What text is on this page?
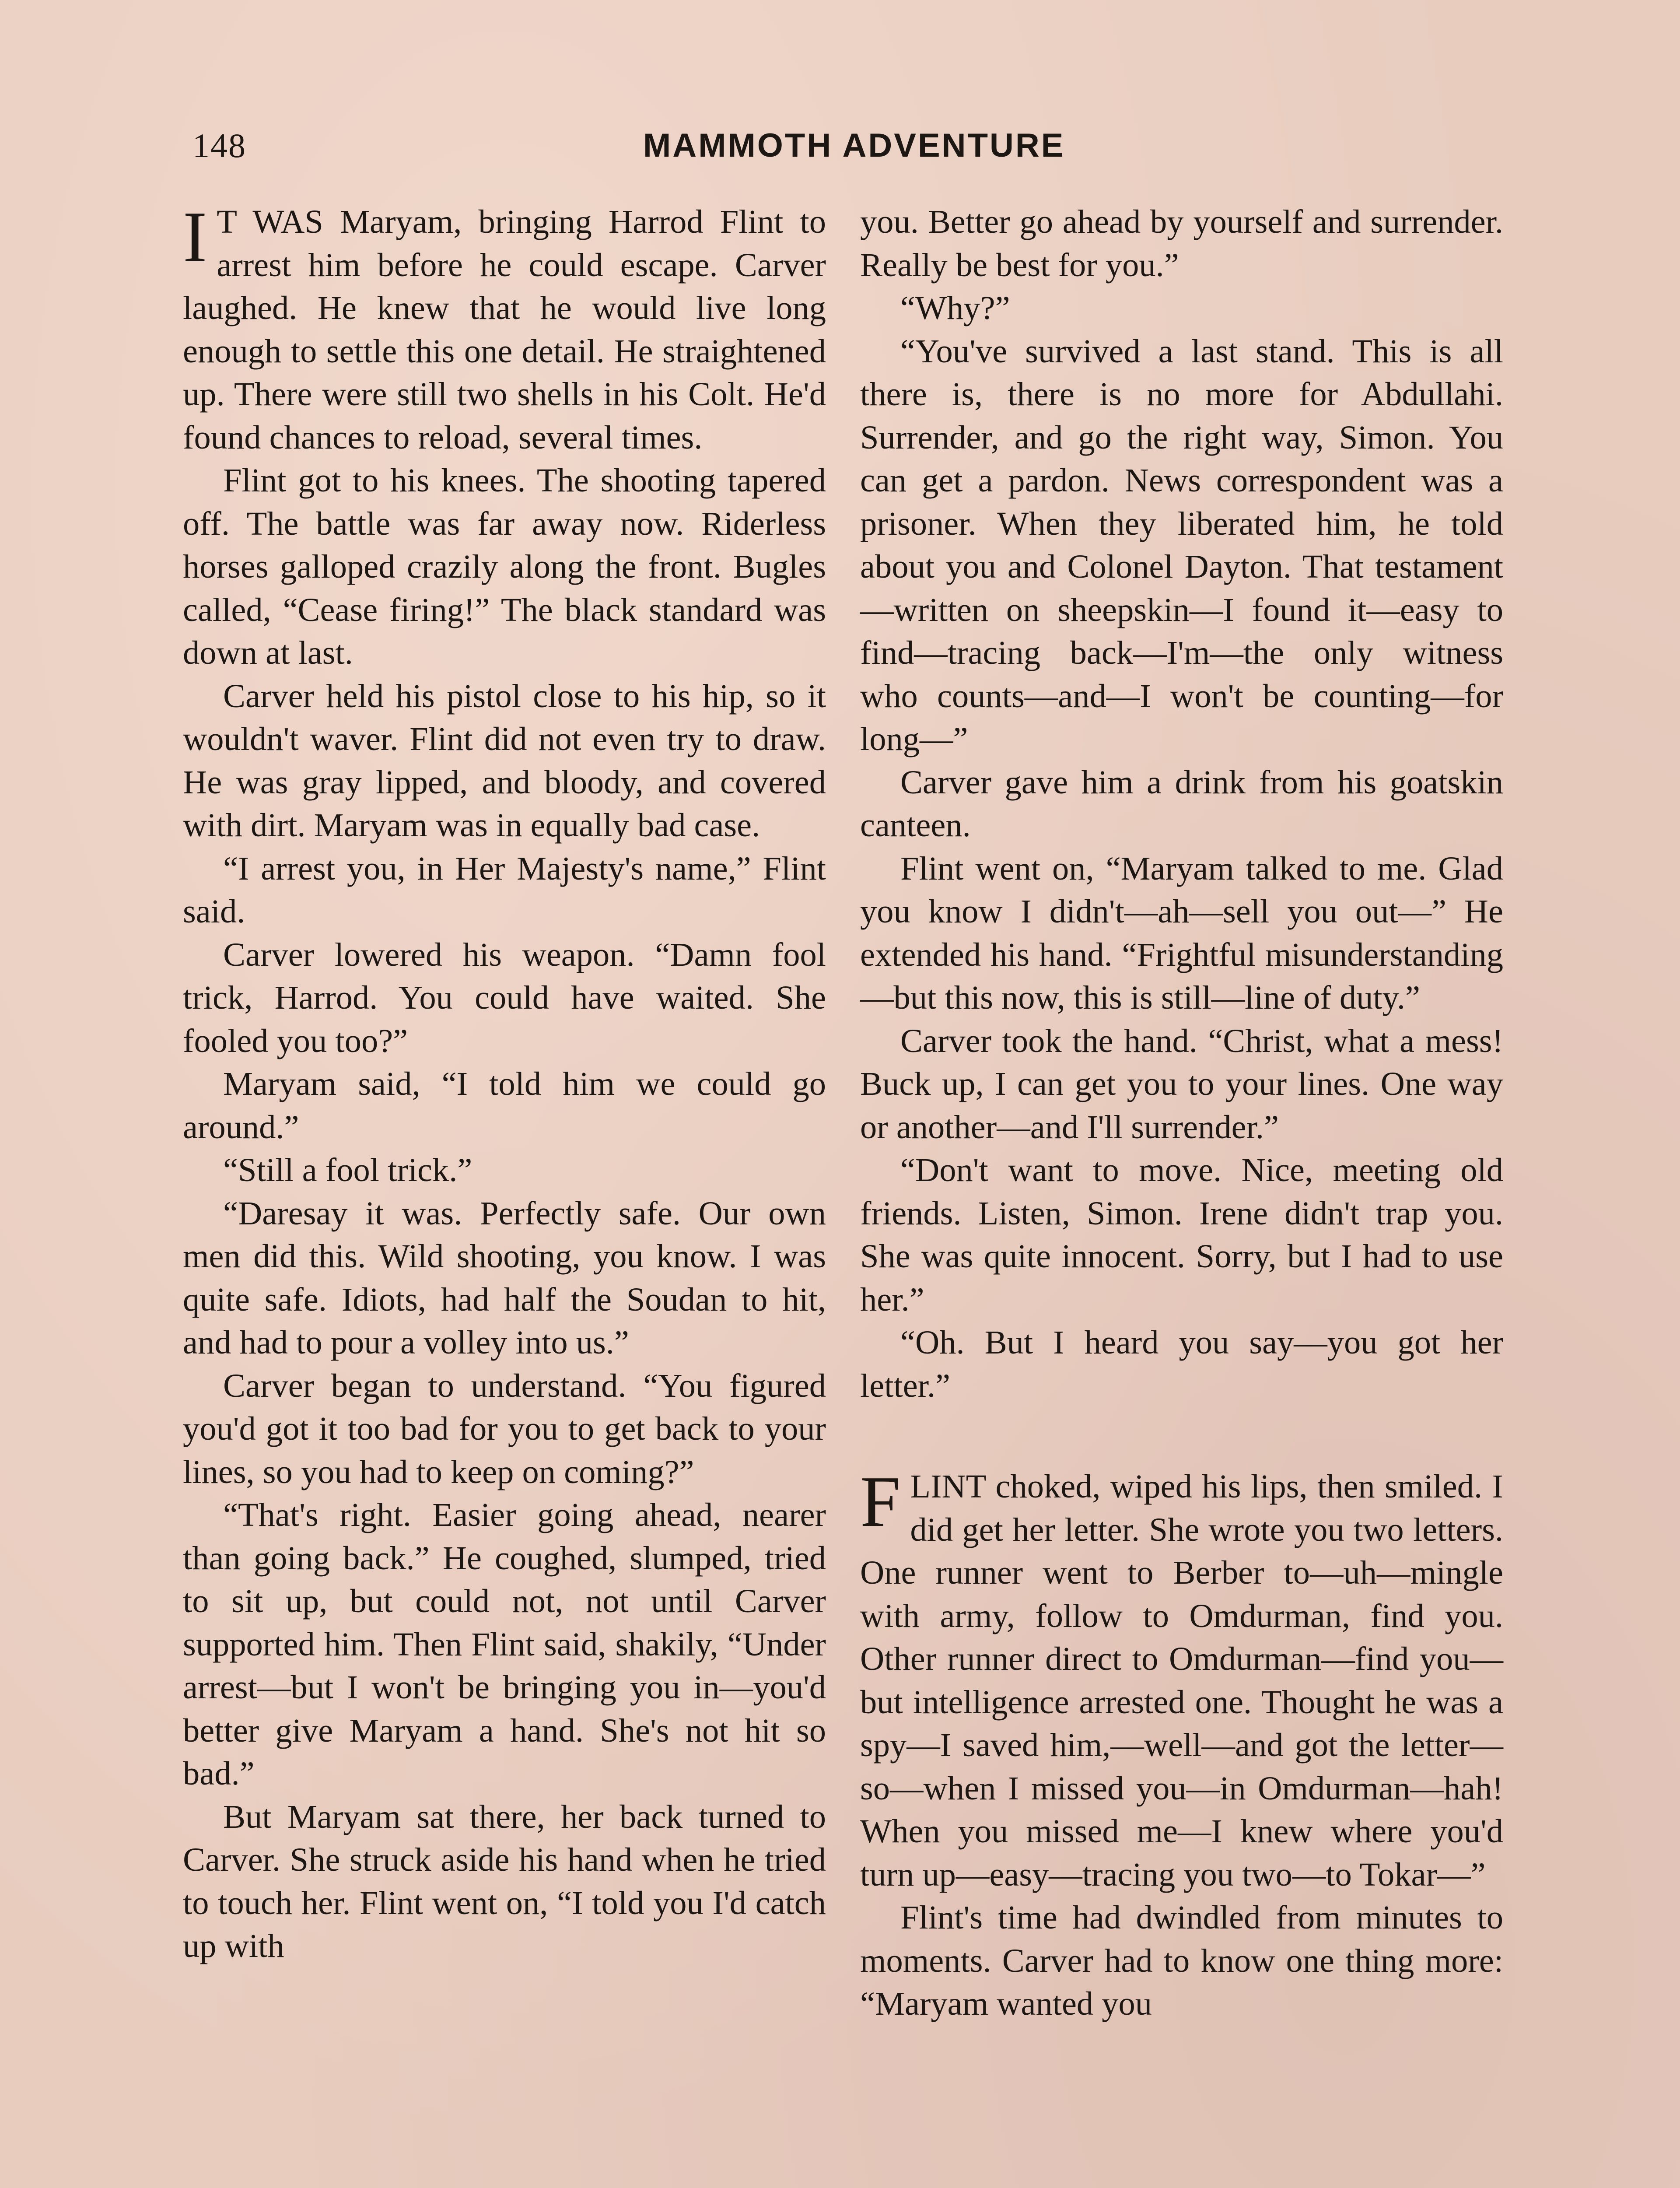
148	MAMMOTH ADVENTURE

I T WAS Maryam, bringing Harrod Flint to arrest him before he could escape. Carver laughed. He knew that he would live long enough to settle this one detail. He straightened up. There were still two shells in his Colt. He'd found chances to reload, several times.

Flint got to his knees. The shooting tapered off. The battle was far away now. Riderless horses galloped crazily along the front. Bugles called, “Cease firing!” The black standard was down at last.

Carver held his pistol close to his hip, so it wouldn't waver. Flint did not even try to draw. He was gray lipped, and bloody, and covered with dirt. Maryam was in equally bad case.

“I arrest you, in Her Majesty's name,” Flint said.

Carver lowered his weapon. “Damn fool trick, Harrod. You could have waited. She fooled you too?”

Maryam said, “I told him we could go around.”

“Still a fool trick.”

“Daresay it was. Perfectly safe. Our own men did this. Wild shooting, you know. I was quite safe. Idiots, had half the Soudan to hit, and had to pour a volley into us.”

Carver began to understand. “You figured you'd got it too bad for you to get back to your lines, so you had to keep on coming?”

“That's right. Easier going ahead, nearer than going back.” He coughed, slumped, tried to sit up, but could not, not until Carver supported him. Then Flint said, shakily, “Under arrest—but I won't be bringing you in—you'd better give Maryam a hand. She's not hit so bad.”

But Maryam sat there, her back turned to Carver. She struck aside his hand when he tried to touch her. Flint went on, “I told you I'd catch up with

you. Better go ahead by yourself and surrender. Really be best for you.”

“Why?”

“You've survived a last stand. This is all there is, there is no more for Abdullahi. Surrender, and go the right way, Simon. You can get a pardon. News correspondent was a prisoner. When they liberated him, he told about you and Colonel Dayton. That testament—written on sheepskin—I found it—easy to find—tracing back—I'm—the only witness who counts—and—I won't be counting—for long—”

Carver gave him a drink from his goatskin canteen.

Flint went on, “Maryam talked to me. Glad you know I didn't—ah—sell you out—” He extended his hand. “Frightful misunderstanding—but this now, this is still—line of duty.”

Carver took the hand. “Christ, what a mess! Buck up, I can get you to your lines. One way or another—and I'll surrender.”

“Don't want to move. Nice, meeting old friends. Listen, Simon. Irene didn't trap you. She was quite innocent. Sorry, but I had to use her.”

“Oh. But I heard you say—you got her letter.”

FLINT choked, wiped his lips, then smiled. I did get her letter. She wrote you two letters. One runner went to Berber to—uh—mingle with army, follow to Omdurman, find you. Other runner direct to Omdurman—find you—but intelligence arrested one. Thought he was a spy—I saved him,—well—and got the letter—so—when I missed you—in Omdurman—hah! When you missed me—I knew where you'd turn up—easy—tracing you two—to Tokar—”

Flint's time had dwindled from minutes to moments. Carver had to know one thing more: “Maryam wanted you
